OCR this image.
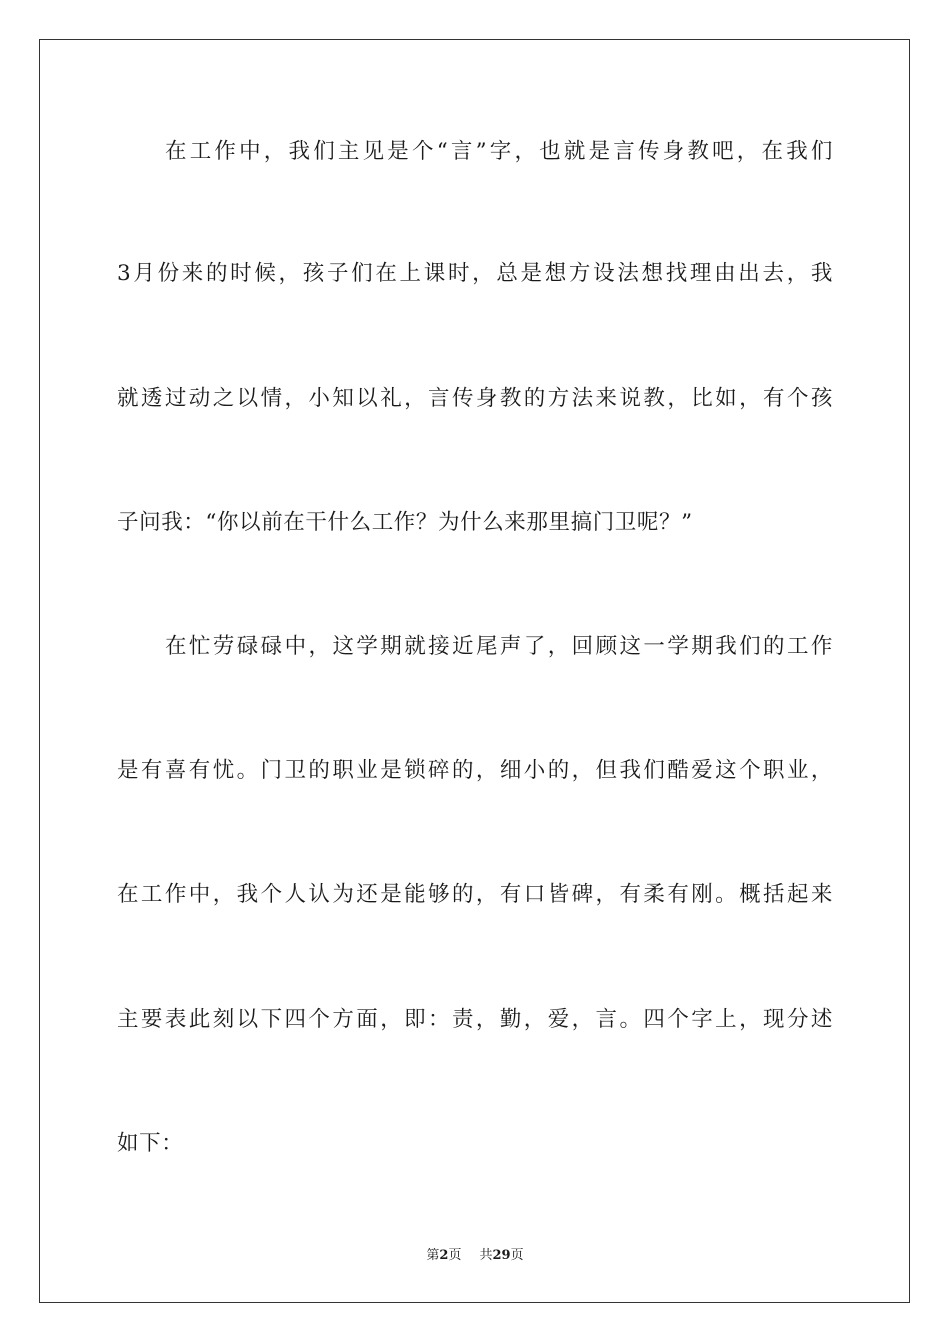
在工作中，我们主见是个“言”字，也就是言传身教吧，在我们
3月份来的时候，孩子们在上课时，总是想方设法想找理由出去，我
就透过动之以情，小知以礼，言传身教的方法来说教，比如，有个孩
子问我：“你以前在干什么工作？为什么来那里搞门卫呢？”
在忙劳碌碌中，这学期就接近尾声了，回顾这一学期我们的工作
是有喜有忧。门卫的职业是锁碎的，细小的，但我们酷爱这个职业，
在工作中，我个人认为还是能够的，有口皆碑，有柔有刚。概括起来
主要表此刻以下四个方面，即：责，勤，爱，言。四个字上，现分述
如下：
第2页 共29页
